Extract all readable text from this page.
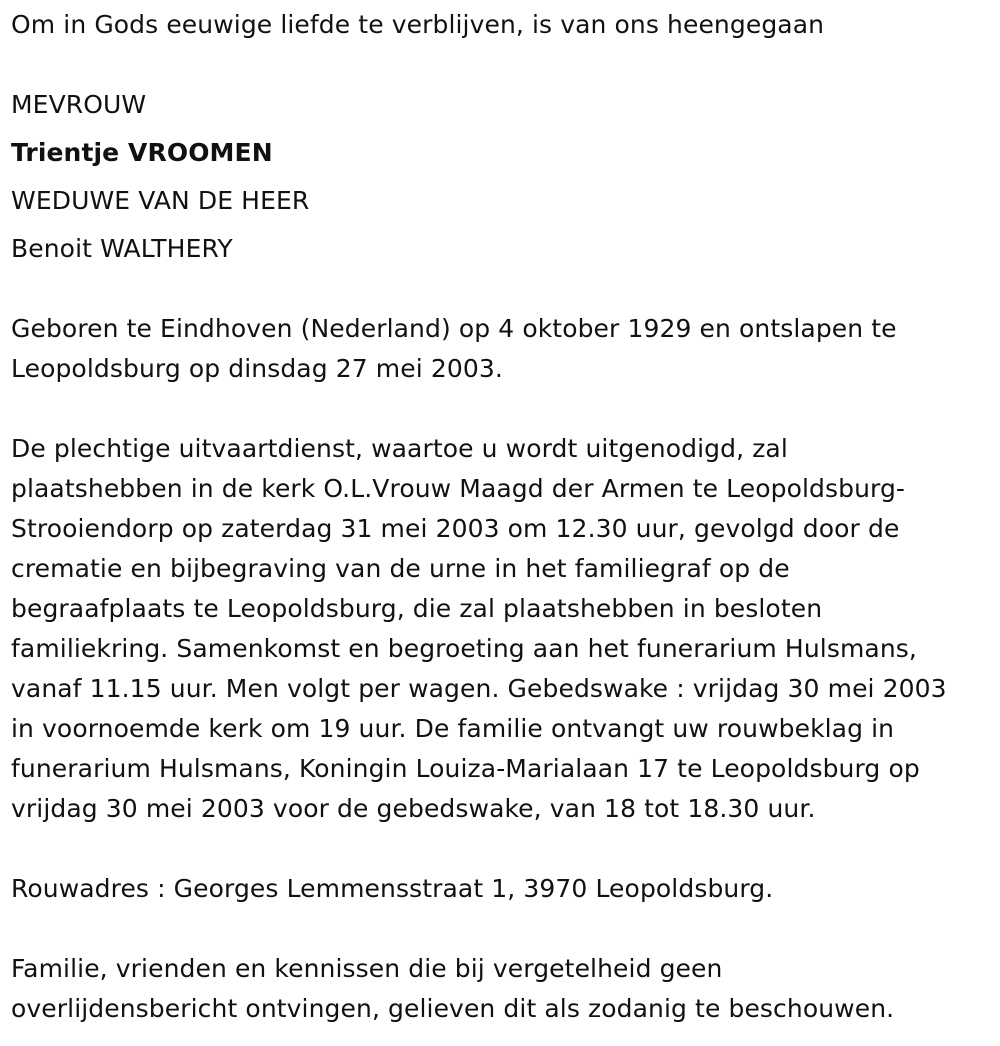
Om in Gods eeuwige liefde te verblijven, is van ons heengegaan
MEVROUW
Trientje VROOMEN
WEDUWE VAN DE HEER
Benoit WALTHERY
Geboren te Eindhoven (Nederland) op 4 oktober 1929 en ontslapen te
Leopoldsburg op dinsdag 27 mei 2003.
De plechtige uitvaartdienst, waartoe u wordt uitgenodigd, zal
plaatshebben in de kerk O.L.Vrouw Maagd der Armen te Leopoldsburg-
Strooiendorp op zaterdag 31 mei 2003 om 12.30 uur, gevolgd door de
crematie en bijbegraving van de urne in het familiegraf op de
begraafplaats te Leopoldsburg, die zal plaatshebben in besloten
familiekring. Samenkomst en begroeting aan het funerarium Hulsmans,
vanaf 11.15 uur. Men volgt per wagen. Gebedswake : vrijdag 30 mei 2003
in voornoemde kerk om 19 uur. De familie ontvangt uw rouwbeklag in
funerarium Hulsmans, Koningin Louiza-Marialaan 17 te Leopoldsburg op
vrijdag 30 mei 2003 voor de gebedswake, van 18 tot 18.30 uur.
Rouwadres : Georges Lemmensstraat 1, 3970 Leopoldsburg.
Familie, vrienden en kennissen die bij vergetelheid geen
overlijdensbericht ontvingen, gelieven dit als zodanig te beschouwen.
